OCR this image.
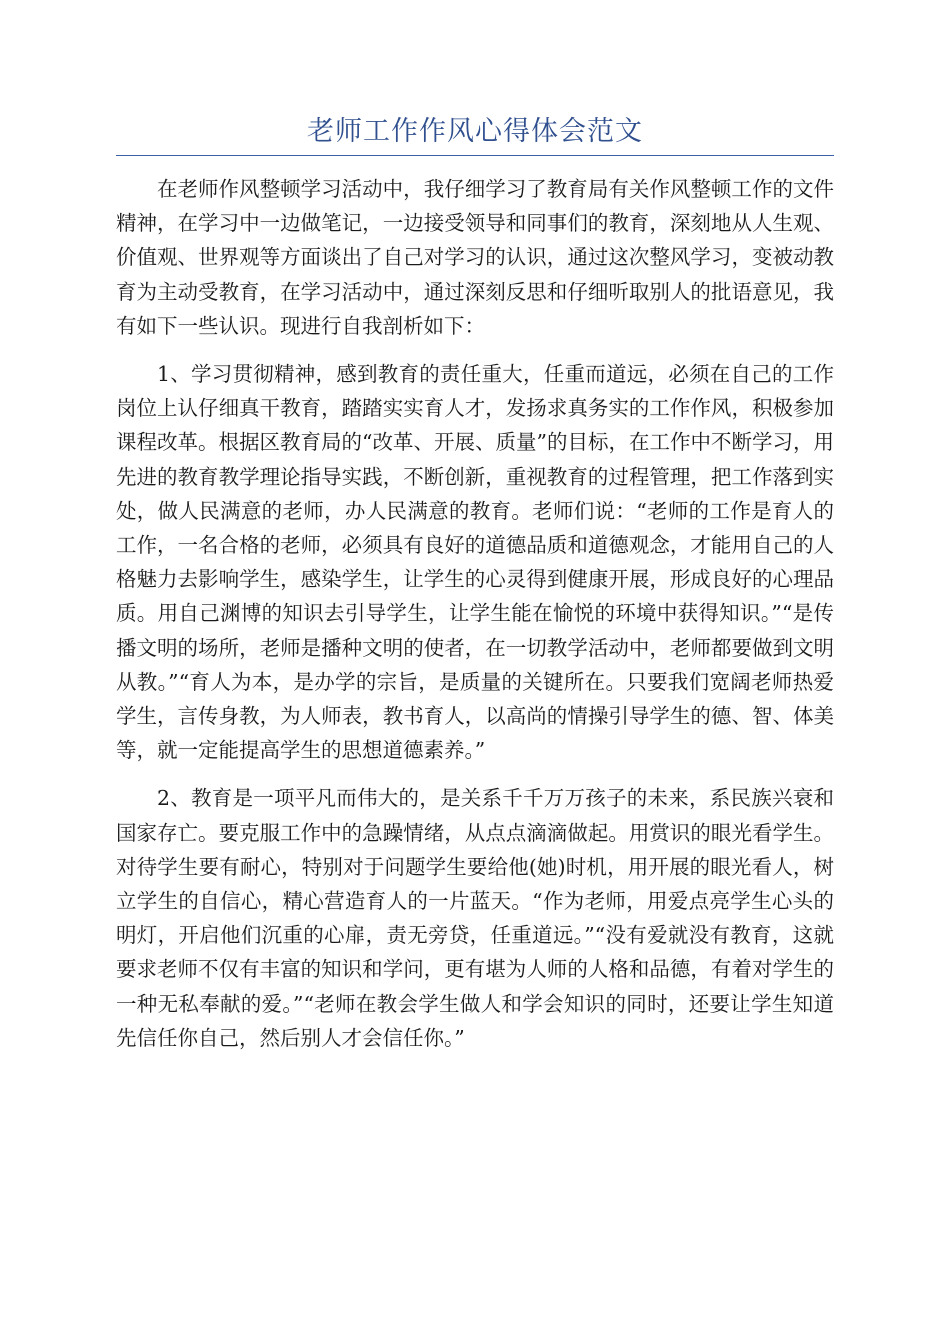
老师工作作风心得体会范文

在老师作风整顿学习活动中，我仔细学习了教育局有关作风整顿工作的文件精神，在学习中一边做笔记，一边接受领导和同事们的教育，深刻地从人生观、价值观、世界观等方面谈出了自己对学习的认识，通过这次整风学习，变被动教育为主动受教育，在学习活动中，通过深刻反思和仔细听取别人的批语意见，我有如下一些认识。现进行自我剖析如下：

1、学习贯彻精神，感到教育的责任重大，任重而道远，必须在自己的工作岗位上认仔细真干教育，踏踏实实育人才，发扬求真务实的工作作风，积极参加课程改革。根据区教育局的“改革、开展、质量”的目标，在工作中不断学习，用先进的教育教学理论指导实践，不断创新，重视教育的过程管理，把工作落到实处，做人民满意的老师，办人民满意的教育。老师们说：“老师的工作是育人的工作，一名合格的老师，必须具有良好的道德品质和道德观念，才能用自己的人格魅力去影响学生，感染学生，让学生的心灵得到健康开展，形成良好的心理品质。用自己渊博的知识去引导学生，让学生能在愉悦的环境中获得知识。”“是传播文明的场所，老师是播种文明的使者，在一切教学活动中，老师都要做到文明从教。”“育人为本，是办学的宗旨，是质量的关键所在。只要我们宽阔老师热爱学生，言传身教，为人师表，教书育人，以高尚的情操引导学生的德、智、体美等，就一定能提高学生的思想道德素养。”

2、教育是一项平凡而伟大的，是关系千千万万孩子的未来，系民族兴衰和国家存亡。要克服工作中的急躁情绪，从点点滴滴做起。用赏识的眼光看学生。对待学生要有耐心，特别对于问题学生要给他(她)时机，用开展的眼光看人，树立学生的自信心，精心营造育人的一片蓝天。“作为老师，用爱点亮学生心头的明灯，开启他们沉重的心扉，责无旁贷，任重道远。”“没有爱就没有教育，这就要求老师不仅有丰富的知识和学问，更有堪为人师的人格和品德，有着对学生的一种无私奉献的爱。”“老师在教会学生做人和学会知识的同时，还要让学生知道先信任你自己，然后别人才会信任你。”
